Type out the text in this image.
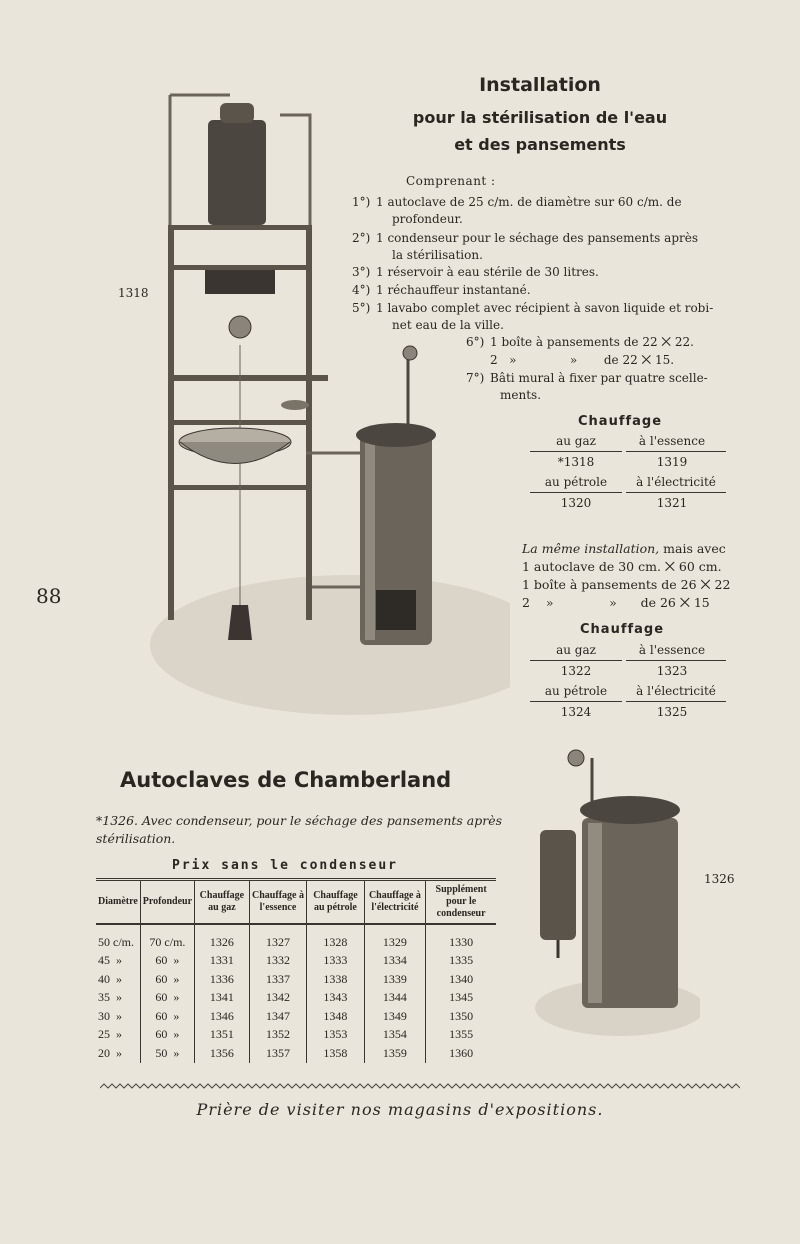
88
1318
Installation
pour la stérilisation de l'eau
et des pansements
Comprenant :
1°) 1 autoclave de 25 c/m. de diamètre sur 60 c/m. de
profondeur.
2°) 1 condenseur pour le séchage des pansements après
la stérilisation.
3°) 1 réservoir à eau stérile de 30 litres.
4°) 1 réchauffeur instantané.
5°) 1 lavabo complet avec récipient à savon liquide et robi-
net eau de la ville.
6°) 1 boîte à pansements de 22 ⨉ 22.
2   »              »       de 22 ⨉ 15.
7°) Bâti mural à fixer par quatre scelle-
ments.
Chauffage
au gaz	à l'essence
*1318	1319
au pétrole	à l'électricité
1320	1321
La même installation, mais avec
1 autoclave de 30 cm. ⨉ 60 cm.
1 boîte à pansements de 26 ⨉ 22
2    »              »      de 26 ⨉ 15
Chauffage
au gaz	à l'essence
1322	1323
au pétrole	à l'électricité
1324	1325
1326
Autoclaves de Chamberland
*1326. Avec condenseur, pour le séchage des pansements après stérilisation.
Prix sans le condenseur
Diamètre	Profondeur	Chauffage au gaz	Chauffage à l'essence	Chauffage au pétrole	Chauffage à l'électricité	Supplément pour le condenseur
50 c/m.	70 c/m.	1326	1327	1328	1329	1330
45  »	60  »	1331	1332	1333	1334	1335
40  »	60  »	1336	1337	1338	1339	1340
35  »	60  »	1341	1342	1343	1344	1345
30  »	60  »	1346	1347	1348	1349	1350
25  »	60  »	1351	1352	1353	1354	1355
20  »	50  »	1356	1357	1358	1359	1360
Prière de visiter nos magasins d'expositions.
